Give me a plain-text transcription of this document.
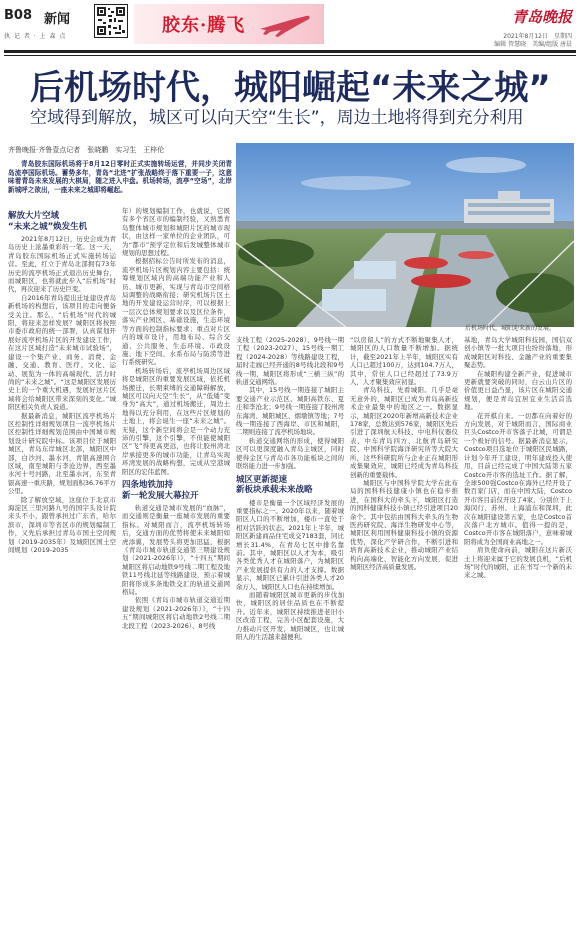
B08 新闻
执 记 者 · 上 森 点
胶东·腾飞	青岛晚报
2021年8月12日　星期四
编辑 管慧晓　美编/组版 唐晨
后机场时代，城阳崛起“未来之城”
空域得到解放，城区可以向天空“生长”，周边土地将得到充分利用
齐鲁晚报·齐鲁壹点记者　张晓鹏　实习生　王梓伦
青岛胶东国际机场将于8月12日零时正式实施转场运营，并同步关闭青岛流亭国际机场。蓄势多年，青岛“北进”扩张战略终于落下重要一子，这意味着青岛未来发展的大棋局，随之进入中盘。机场转场，流亭“空场”，北岸新城呼之欲出，一座未来之城即将崛起。
后机场时代，城阳迎来新的发展。
解放大片空域
“未来之城”焕发生机

2021年8月12日，历史会成为青岛历史上浓墨重彩的一笔。这一天，青岛胶东国际机场正式实施转场运营。至此，红立于青岛北部拥有73年历史的流亭机场正式退出历史舞台，而城阳区，也将就此步入“后机场”时代，再次迎来了历史巨变。

自2016年青岛提出迁址建设青岛新机场的构想后，该项目的走向便备受关注。那么，“后机场”时代的城阳，将迎来怎样发展？城阳区将按照市委市政府的统一部署，认真谋划开展好流亭机场片区的开发建设工作，在这片区域打造“未来城市试验场”，建设一个集产业、商务、消费、金融、交通、教育、医疗、文化、运动、展览为一体的高端现代、活力时尚的“未来之城”。“这是城阳区发展历史上的一个重大机遇，发展好这片区域将会给城阳区带来深刻的变化。”城阳区相关负责人说道。

据最新消息，城阳区流亭机场片区控制性详细规划项目一流亭机场片区控制性详细规划范围由中国城市规划设计研究院中标。该项目位于城阳城区，青岛东岸城区北部，城阳区中部，白沙河、墨水河，青银高速围合区域，南至城阳与李沧边界，西至墨水河十号河路，北至墨水河，东至青银高速一重庆路，规划面积36.76平方公里。

除了解放空域，这座位于北京市海淀区三里河路九号的国字头设计院来头不小，跟曾承担过广东省，哈尔滨市，深圳市等省区市的规划编制工作，又先后承担过青岛市国土空间规划（2019-2035年）及城阳区国土空间规划（2019-2035

年）的规划编制工作，也就说，它既有多个省区市的编制经验，又熟悉青岛整体城市规划和城阳片区的城市现状，由这样一家单位的企业团队，可为“都市”预学定位和后发城整体城市规划的思想过程。

根据招标公告时所发布的消息，流亭机场片区规划内容主要包括：统筹规划区域内的高端功能产业和人员、城市更新，实现与青岛市空间格局调整的战略衔接；研究机场片区土地的开发建设运营时序，可以根据上一层次总体规划要求以及区位条件，落实产业园区、基础设施，生态环境等方面的控制指标要求；重点对片区内的城市设计，用地布局、综合交通、公共服务、生态环境、市政设施、地下空间、水系布局与防涝等进行系统研究。

机场转场后，流亭机场周边区域将是城阳区的重要发展区域，依托机场搬迁，长期束缚的交通障碍解放，城区可以向天空“生长”，从“低矮”变身为“高大”，通过机场搬迁，周边土地得以充分利用，在这些片区规划的土地上，将会诞生一座“未来之城”。无疑，这个新空间将会是一个动力充沛的引擎，这个引擎，不但能使城阳区“飞”得更高更远，也将让胶州湾北岸承接更多的城市功能，让青岛实现环湾发展的战略构想，完成从空港城阳区的宏伟蓝图。

四条地铁加持
新一轮发展大幕拉开

轨道交通是城市发展的“血脉”，而交通则是衡量一座城市发展的重要指标。对城阳而言，流亭机场转场后，交通方面的优势将使未来城阳如虎添翼，发展势头将更加迅猛，根据《青岛市城市轨道交通第三期建设规划（2021-2026年）》，“十四五”期间城阳区将启动地铁9号线二期工程及地铁11号线北延等线路建设，预示着城阳将形成多条地铁交汇的轨道交通网格局。

依照《青岛市城市轨道交通近期建设规划（2021-2026年）》，“十四五”期间城阳区将启动地铁2号线二期北段工程（2023-2026）、8号线

支线工程（2025-2028）、9号线一期工程（2023-2027）、15号线一期工程（2024-2028）等线路建设工程，届时走廊已经开通的8号线北段和9号线一期，城阳区将形成“三横三纵”的轨道交通网络。

其中，15号线一期连接了城阳主要交通产业示范区、城阳高铁东、夏庄和李沧北；9号线一期连接了胶州湾东海湾、城阳城区、烟墩镇等地；7号线一期连接了西海岸、市区和城阳，二期则连接了流亭机场地块。

轨道交通网络的形成，使得城阳区可以更深度融入青岛主城区，同时使得金区与青岛市各功能板块之间的联络能力进一步加强。

城区更新提速
新板块承载未来战略

楼市是衡量一个区域经济发展的重要指标之一。2020年以来，随着城阳区人口的不断增加，楼市一直处于相对活跃的状态。2021年上半年，城阳区新建商品住宅成交7183套，同比增长31.4%，在青岛七区中排名靠前。其中，城阳区以人才为本，吸引各类优秀人才在城阳落户，为城阳区产业发展提供有力的人才支撑。数据显示，城阳区已累计引进各类人才20余万人，城阳区人口也在持续增加。

而随着城阳区城市更新的步伐加快，城阳区的居住品质也在不断提升。近年来，城阳区持续推进老旧小区改造工程，完善小区配套设施，大力推动片区开发，城阳城区，也让城阳人的生活越来越便利。

“以房留人”的方式不断地聚集人才，城阳区的人口数量不断增加。据统计，截至2021年上半年，城阳区实有人口已超过100万，达到104.7万人，其中，常住人口已经超过了73.9万人，人才聚集效应初显。

青岛科技，先看城阳。几乎是毫无意外的，城阳区已成为青岛高新技术企业最集中的地区之一。数据显示，城阳区2020年新增高新技术企业178家，总数达到576家，城阳区先后引进了深圳航天科技、中电科仪器仪表、中车青岛四方、北航青岛研究院、中国科学院海洋研究所等大院大所，这些科研院所与企业正在城阳形成集聚效应，城阳已经成为青岛科技创新的重要载体。

城阳区与中国科学院大学在此布局的国科科技健康小镇也在稳步推进，在国科大的牵头下，城阳区打造的国科健康科技小镇已经引进项目20余个。其中包括由国科大牵头的生物医药研究院、海洋生物研发中心等，城阳区利用国科健康科技小镇的资源优势，深化产学研合作，不断引进和培育高新技术企业，推动城阳产业结构向高端化、智能化方向发展，促进城阳区经济高质量发展。

基地，青岛大学城阳科技园，国信双创小镇等一批大项目也纷纷落地，形成城阳区对科技、金融产业的重要集聚态势。

在城阳构建全新产业，促进城市更新就要突破的同时，白云山片区的价值更日益凸显，该片区在城阳交通规划，便是青岛宜居宜业生活首选地。

花开棋自来。一切都在向着好的方向发展，对于城阳而言，国际商业巨头Costco开市客落子北城，可谓是一个极好的信号。据最新消息显示，Costco项目选址位于城阳区民城路，计划今年开工建设，明年建成投入使用，目前已经完成了中国大陆第五家Costco开市客的选址工作。据了解，全球500强Costco在海外已经开设了数百家门店，而在中国大陆，Costco开市客目前仅开设了4家，分别位于上海闵行、苏州、上海浦东和深圳，此次在城阳建设第五家，也是Costco首次落户北方城市。值得一提的是，Costco开市客在城阳落户，意味着城阳将成为全国商业高地之一。

肩负使命向前，城阳在这片新沃土上将迎来属于它的发展良机，“后机场”时代的城阳，正在书写一个新的未来之城。
